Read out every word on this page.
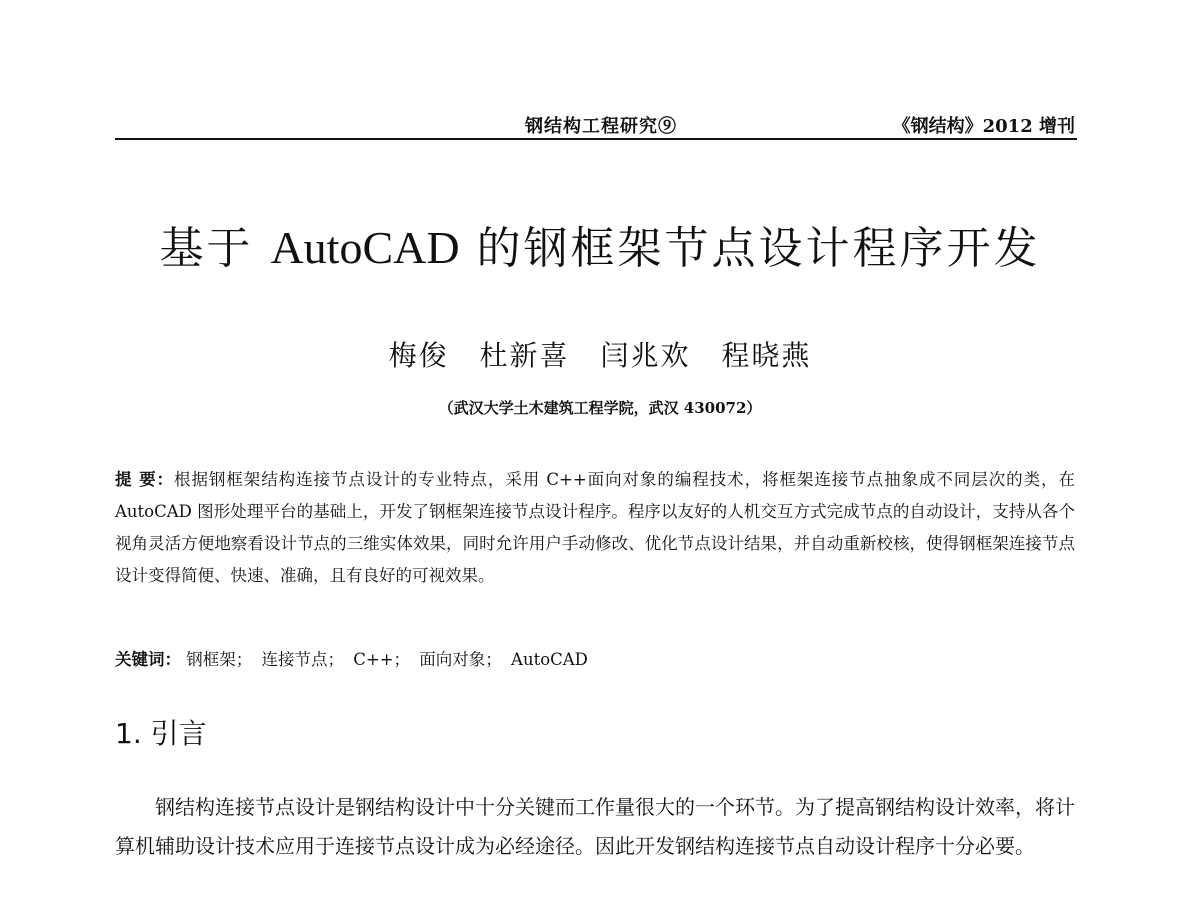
钢结构工程研究⑨	《钢结构》2012 增刊
基于 AutoCAD 的钢框架节点设计程序开发
梅俊 杜新喜 闫兆欢 程晓燕
（武汉大学土木建筑工程学院，武汉 430072）
提 要：根据钢框架结构连接节点设计的专业特点，采用 C++面向对象的编程技术，将框架连接节点抽象成不同层次的类，在 AutoCAD 图形处理平台的基础上，开发了钢框架连接节点设计程序。程序以友好的人机交互方式完成节点的自动设计，支持从各个视角灵活方便地察看设计节点的三维实体效果，同时允许用户手动修改、优化节点设计结果，并自动重新校核，使得钢框架连接节点设计变得简便、快速、准确，且有良好的可视效果。
关键词： 钢框架； 连接节点； C++； 面向对象； AutoCAD
1. 引言

钢结构连接节点设计是钢结构设计中十分关键而工作量很大的一个环节。为了提高钢结构设计效率，将计算机辅助设计技术应用于连接节点设计成为必经途径。因此开发钢结构连接节点自动设计程序十分必要。
